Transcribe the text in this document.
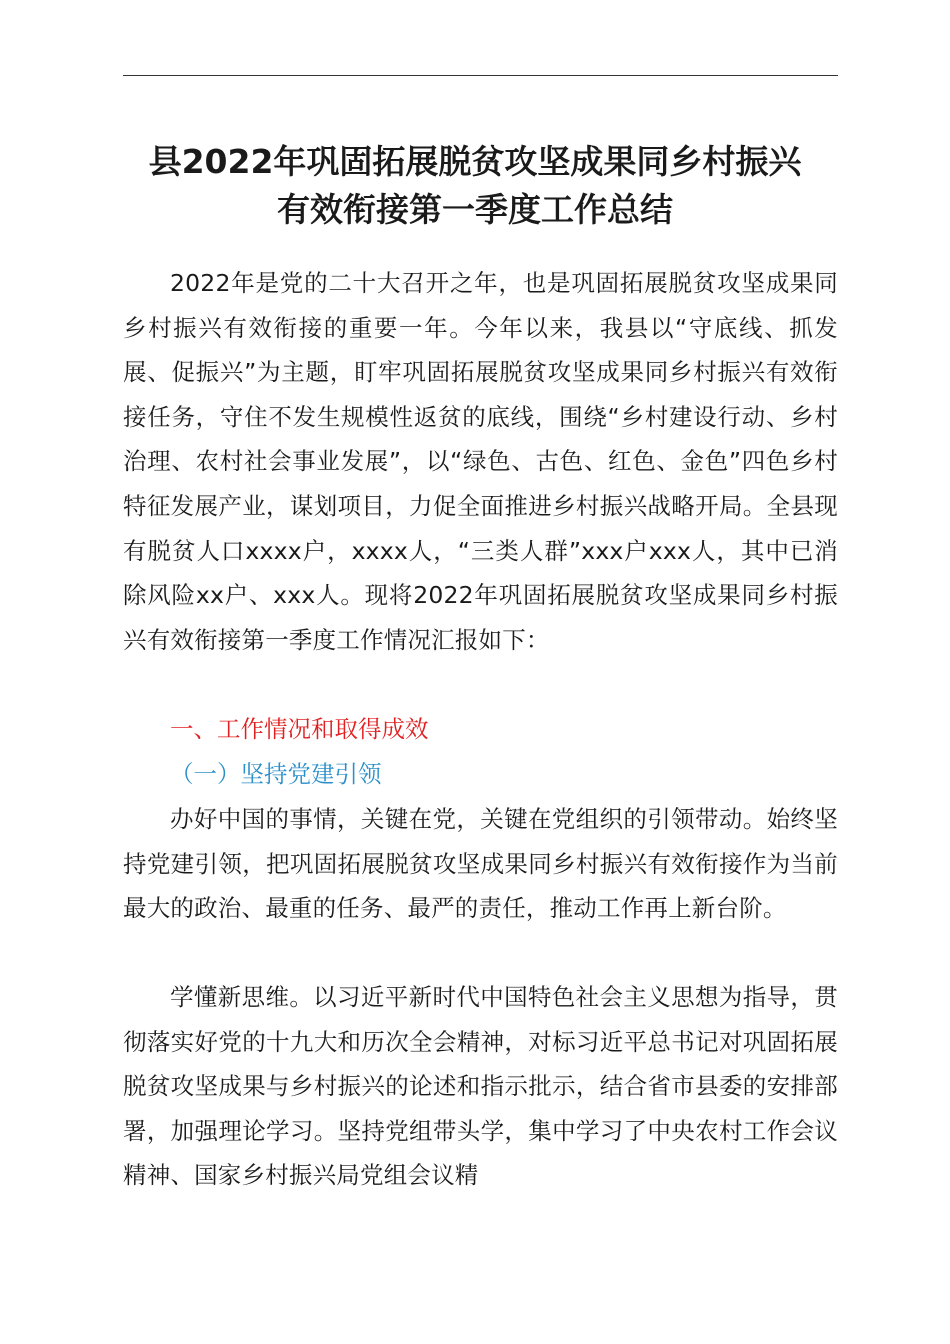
县2022年巩固拓展脱贫攻坚成果同乡村振兴
有效衔接第一季度工作总结

2022年是党的二十大召开之年，也是巩固拓展脱贫攻坚成果同乡村振兴有效衔接的重要一年。今年以来，我县以“守底线、抓发展、促振兴”为主题，盯牢巩固拓展脱贫攻坚成果同乡村振兴有效衔接任务，守住不发生规模性返贫的底线，围绕“乡村建设行动、乡村治理、农村社会事业发展”，以“绿色、古色、红色、金色”四色乡村特征发展产业，谋划项目，力促全面推进乡村振兴战略开局。全县现有脱贫人口xxxx户，xxxx人，“三类人群”xxx户xxx人，其中已消除风险xx户、xxx人。现将2022年巩固拓展脱贫攻坚成果同乡村振兴有效衔接第一季度工作情况汇报如下：

一、工作情况和取得成效

（一）坚持党建引领

办好中国的事情，关键在党，关键在党组织的引领带动。始终坚持党建引领，把巩固拓展脱贫攻坚成果同乡村振兴有效衔接作为当前最大的政治、最重的任务、最严的责任，推动工作再上新台阶。

学懂新思维。以习近平新时代中国特色社会主义思想为指导，贯彻落实好党的十九大和历次全会精神，对标习近平总书记对巩固拓展脱贫攻坚成果与乡村振兴的论述和指示批示，结合省市县委的安排部署，加强理论学习。坚持党组带头学，集中学习了中央农村工作会议精神、国家乡村振兴局党组会议精
